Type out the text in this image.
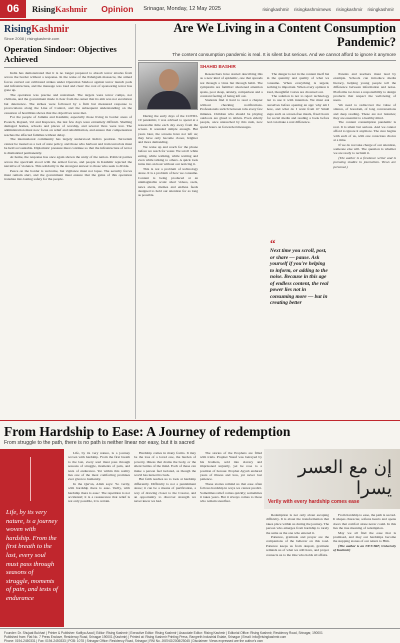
06	RisingKashmir Opinion Srinagar, Monday, 12 May 2025	risingkashmir risingkashmirnews risingkashmir risingkashmir
RisingKashmir
Since 2008 | risingkashmir.com
Operation Sindoor: Objectives Achieved

India has demonstrated that it is no longer prepared to absorb terror attacks from across the border without a response. In the wake of the Pahalgam massacre, the armed forces carried out calibrated strikes under Operation Sindoor against terror launch pads and infrastructure, and the message was loud and clear: the cost of sponsoring terror has gone up.

The operation was precise and restrained. The targets were terror camps, not civilians, and the government made it clear from the outset that its aim was not escalation but deterrence. The strikes were followed by a firm but measured response to provocations along the Line of Control, and the subsequent understanding on the cessation of hostilities shows that the objectives were met.

For the people of Jammu and Kashmir, especially those living in border areas of Poonch, Rajouri, Uri and Kupwara, the last few days were extremely difficult. Shelling damaged homes, schools and places of worship, and several lives were lost. The administration must now focus on relief and rehabilitation, and ensure that compensation reaches the affected families without delay.

The international community has largely understood India's position. Terrorism cannot be treated as a tool of state policy, and those who harbour and train terrorists must be held accountable. Diplomatic pressure must continue so that the infrastructure of terror is dismantled permanently.

At home, the response has once again shown the unity of the nation. Political parties across the spectrum stood with the armed forces, and people in Kashmir rejected the narrative of violence. This solidarity is the strongest answer to those who seek to divide.

Peace on the border is welcome, but vigilance must not lapse. The security forces must remain alert, and the government must ensure that the gains of this operation translate into lasting safety for the people.

Are We Living in a Content Consumption Pandemic?
The content consumption pandemic is real. It is silent but serious. And we cannot afford to ignore it anymore
SHAHID BASHIR

During the early days of the COVID-19 pandemic, I was advised to spend at a reasonable time each day away from the screen. It sounded simple enough. But years later, the screens have not left us; they have only become closer, brighter and more demanding.

We wake up and reach for the phone before we reach for water. We scroll while eating, while walking, while waiting and even while talking to others. A quick look turns into an hour without our noticing it.

This is not a problem of technology alone. It is a problem of how we consume. Content is being produced at an unimaginable scale: short videos, reels, news alerts, memes and endless feeds designed to hold our attention for as long as possible.

Researchers have started describing this as a new kind of epidemic, one that spreads not through a virus but through habit. The symptoms are familiar: shortened attention spans, poor sleep, anxiety, comparison and a constant feeling of being left out.

Students find it hard to read a chapter without checking notifications. Professionals switch between tabs every few minutes. Children who should be playing outdoors are glued to tablets. Even elderly people, once untouched by this rush, now spend hours on forwarded messages.

The danger is not in the content itself but in the quantity and quality of what we consume. When everything is urgent, nothing is important. When every opinion is loud, thoughtful voices are drowned out.

The solution is not to reject technology but to use it with intention. We must ask ourselves before opening an app: why am I here, and what do I want from it? Small steps such as screen-free meals, fixed hours for social media and reading a book before bed can make a real difference.

Parents and teachers must lead by example. Schools can introduce media literacy, helping young people tell the difference between information and noise. Platforms too have a responsibility to design products that respect the well-being of users.

We need to rediscover the value of silence, of boredom, of long conversations and deep reading. These are not luxuries; they are essential to a healthy mind.

The content consumption pandemic is real. It is silent but serious. And we cannot afford to ignore it anymore. The cure begins with each of us, with one conscious choice at a time.

If we do not take charge of our attention, someone else will. The question is whether we are ready to reclaim it.

(The author is a freelance writer and is pursuing studies in journalism. Views are personal.)

“
Next time you scroll, post, or share — pause. Ask yourself if you're helping to inform, or adding to the noise. Because in this age of endless content, the real power lies not in consuming more — but in creating better
From Hardship to Ease: A Journey of redemption
From struggle to the path, there is no path is neither linear nor easy, but it is sacred
Life, by its very nature, is a journey woven with hardship. From the first breath to the last, every soul must pass through seasons of struggle, moments of pain, and tests of endurance

Life, by its very nature, is a journey woven with hardship. From the first breath to the last, every soul must pass through seasons of struggle, moments of pain, and tests of endurance. Yet within this reality lies one of the most comforting promises ever given to humanity.

In the Qur'an, Allah says: 'So verily, with hardship there is ease. Verily, with hardship there is ease.' The repetition is not accidental; it is a reassurance that relief is not only possible, it is certain.

Hardship comes in many forms. It may be the loss of a loved one, the burden of poverty, illness that drains the body, or the silent battles of the mind. Each of these can make a person feel isolated, as though the world has turned its back.

But faith teaches us to look at hardship differently. Difficulty is not a punishment alone; it can be a means of purification, a way of drawing closer to the Creator, and an opportunity to discover strength we never knew we had.

The stories of the Prophets are filled with trials. Prophet Yusuf was betrayed by his brothers, sold into slavery and imprisoned unjustly, yet he rose to a position of honour. Prophet Ayyub endured years of illness and loss, yet never lost patience.

These stories remind us that ease often follows hardship in ways we cannot predict. Sometimes relief comes quickly; sometimes it takes years. But it always comes to those who remain steadfast.

إن مع العسر يسرا
Verily with every hardship comes ease

Redemption is not only about escaping difficulty. It is about the transformation that takes place within us during the journey. The person who emerges from hardship is rarely the same as the one who entered it.

Patience, gratitude and prayer are the companions of the believer on this road. Patience keeps us from despair, gratitude reminds us of what we still have, and prayer connects us to the One who holds all affairs.

From hardship to ease, the path is sacred. It shapes character, softens hearts and opens doors that comfort alone never could. In this lies the true meaning of redemption.

May we all find the ease that is promised, and may our hardships become the stepping stones of our return to Him.

(The author is an NET/JRF, University of Kashmir)

Founder: Dr. Shujaat Bukhari | Printer & Publisher: Kaifiya Azad | Editor: Rising Kashmir | Executive Editor: Rising Kashmir | Associate Editor: Rising Kashmir | Editorial Office: Rising Kashmir, Residency Road, Srinagar, 190001
Published from: Flat No. 7 Press Enclave, Residency Road, Srinagar 190001 (Kashmir) | Printed at: Rising Kashmir Printing Press, Rangreth Industrial Estate, Srinagar | Email: info@risingkashmir.com
Phone: 0194-2450331 | Fax: 0194-2450333 | POB: 1078 | Srinagar Office: Residency Road, Srinagar | RNI No. JKENG/2008/25045 | Disclaimer: Views expressed are the author's own
